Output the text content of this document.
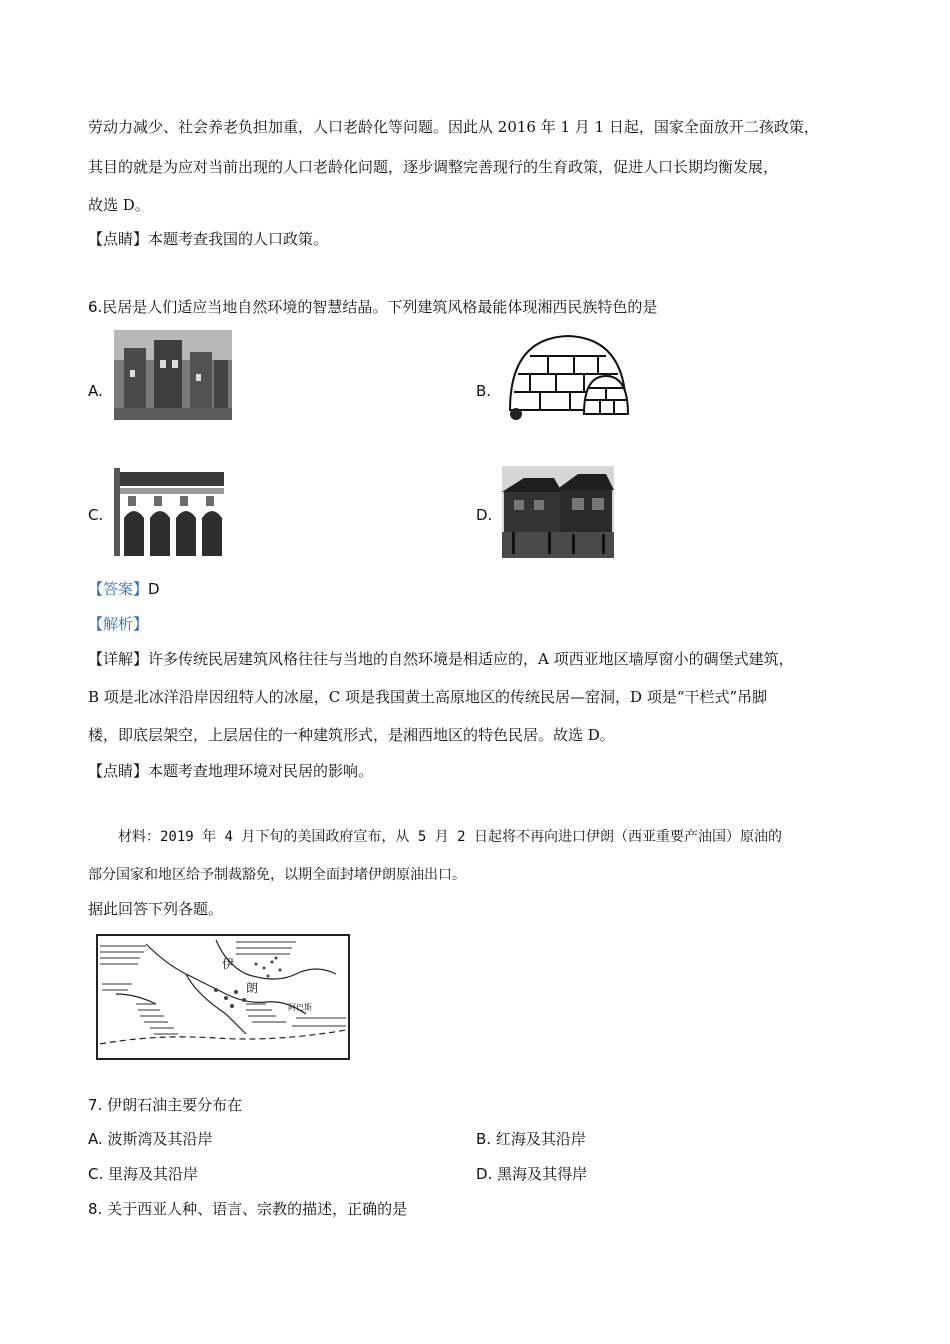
劳动力减少、社会养老负担加重，人口老龄化等问题。因此从 2016 年 1 月 1 日起，国家全面放开二孩政策，
其目的就是为应对当前出现的人口老龄化问题，逐步调整完善现行的生育政策，促进人口长期均衡发展，
故选 D。
【点睛】本题考查我国的人口政策。
6.民居是人们适应当地自然环境的智慧结晶。下列建筑风格最能体现湘西民族特色的是
A.	B.
C.	D.
【答案】D
【解析】
【详解】许多传统民居建筑风格往往与当地的自然环境是相适应的，A 项西亚地区墙厚窗小的碉堡式建筑，
B 项是北冰洋沿岸因纽特人的冰屋，C 项是我国黄土高原地区的传统民居—窑洞，D 项是“干栏式”吊脚
楼，即底层架空，上层居住的一种建筑形式，是湘西地区的特色民居。故选 D。
【点睛】本题考查地理环境对民居的影响。
材料：2019 年 4 月下旬的美国政府宣布，从 5 月 2 日起将不再向进口伊朗（西亚重要产油国）原油的
部分国家和地区给予制裁豁免，以期全面封堵伊朗原油出口。
据此回答下列各题。
伊
朗
阿巴斯
7. 伊朗石油主要分布在
A. 波斯湾及其沿岸	B. 红海及其沿岸
C. 里海及其沿岸	D. 黑海及其得岸
8. 关于西亚人种、语言、宗教的描述，正确的是
